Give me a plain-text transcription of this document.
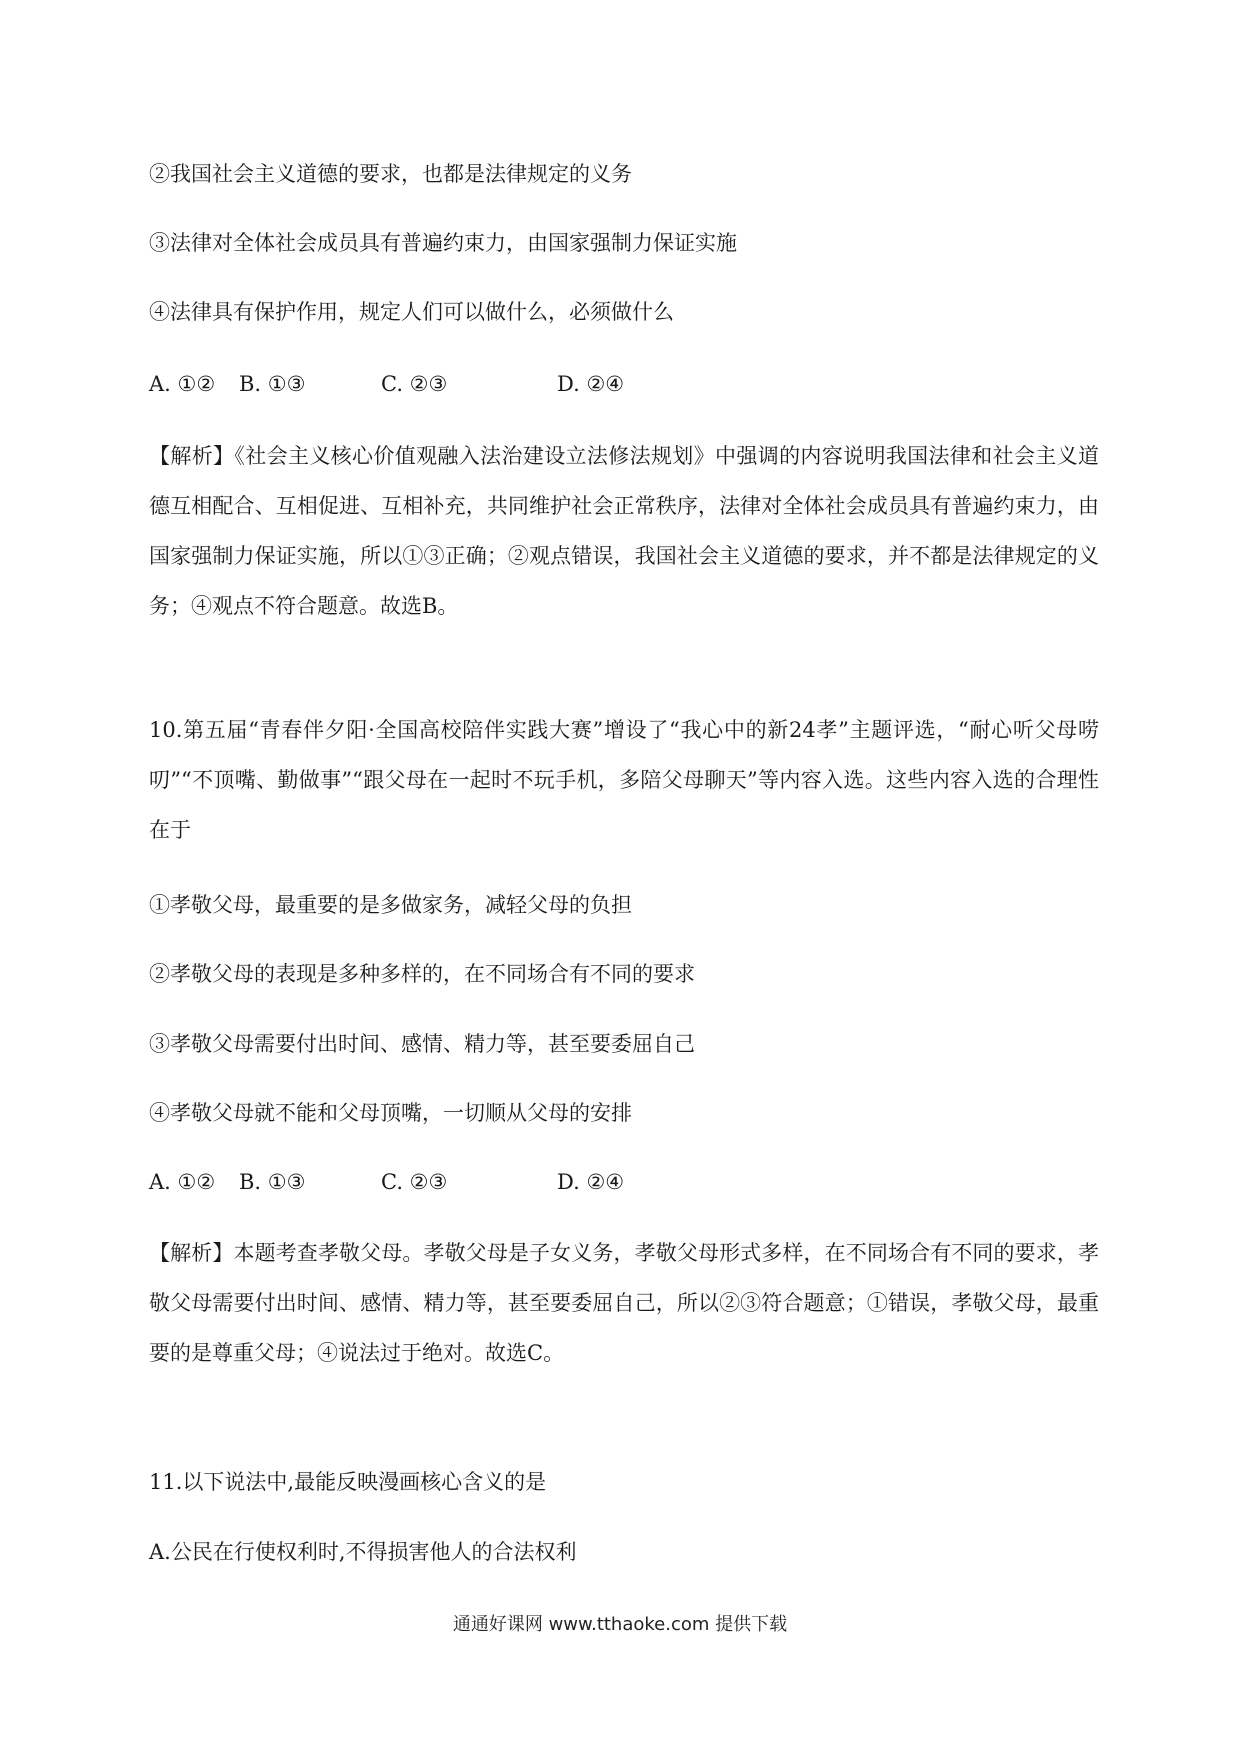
②我国社会主义道德的要求，也都是法律规定的义务
③法律对全体社会成员具有普遍约束力，由国家强制力保证实施
④法律具有保护作用，规定人们可以做什么，必须做什么
A. ①② B. ①③	C. ②③	D. ②④
【解析】《社会主义核心价值观融入法治建设立法修法规划》中强调的内容说明我国法律和社会主义道德互相配合、互相促进、互相补充，共同维护社会正常秩序，法律对全体社会成员具有普遍约束力，由国家强制力保证实施，所以①③正确；②观点错误，我国社会主义道德的要求，并不都是法律规定的义务；④观点不符合题意。故选B。
10.第五届“青春伴夕阳·全国高校陪伴实践大赛”增设了“我心中的新24孝”主题评选，“耐心听父母唠叨”“不顶嘴、勤做事”“跟父母在一起时不玩手机，多陪父母聊天”等内容入选。这些内容入选的合理性在于
①孝敬父母，最重要的是多做家务，减轻父母的负担
②孝敬父母的表现是多种多样的，在不同场合有不同的要求
③孝敬父母需要付出时间、感情、精力等，甚至要委屈自己
④孝敬父母就不能和父母顶嘴，一切顺从父母的安排
A. ①② B. ①③	C. ②③	D. ②④
【解析】本题考查孝敬父母。孝敬父母是子女义务，孝敬父母形式多样，在不同场合有不同的要求，孝敬父母需要付出时间、感情、精力等，甚至要委屈自己，所以②③符合题意；①错误，孝敬父母，最重要的是尊重父母；④说法过于绝对。故选C。
11.以下说法中,最能反映漫画核心含义的是
A.公民在行使权利时,不得损害他人的合法权利
通通好课网 www.tthaoke.com 提供下载
